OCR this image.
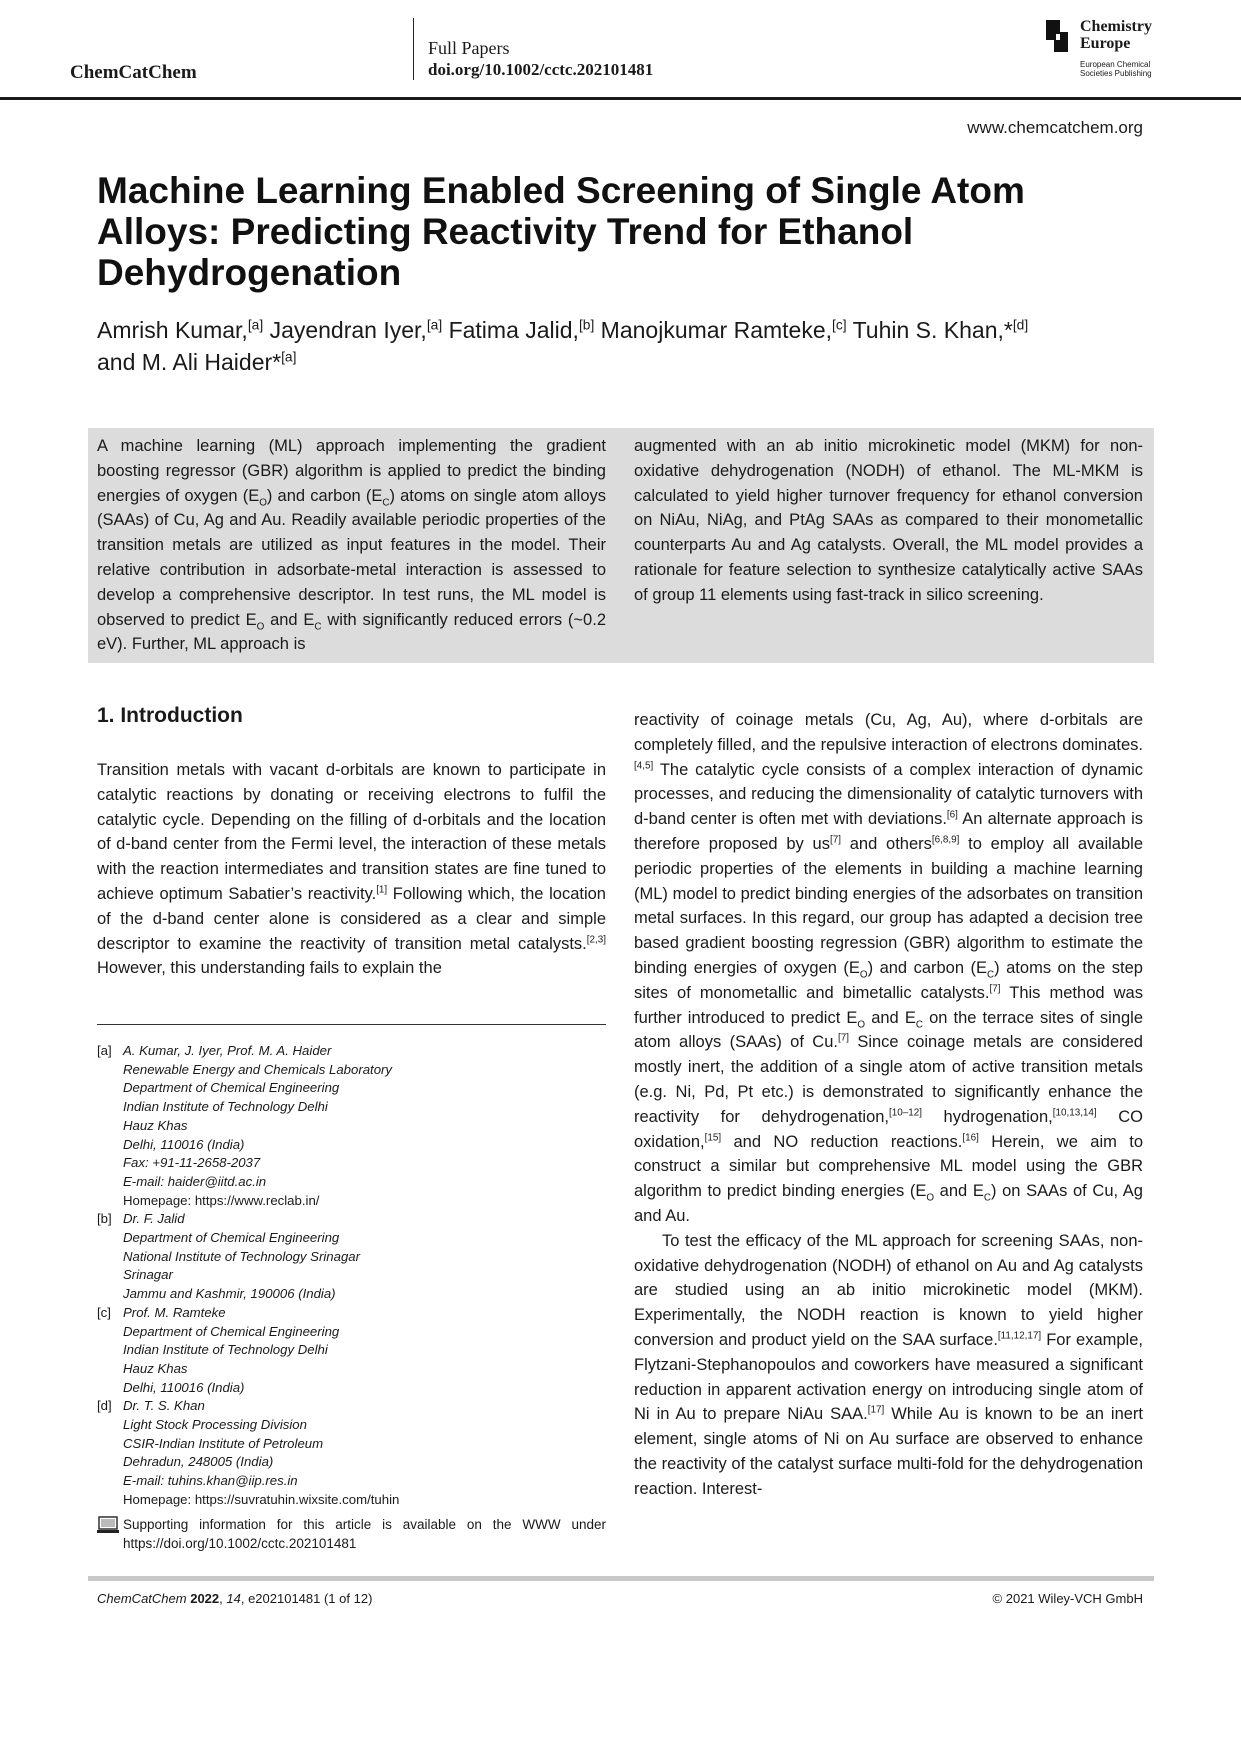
ChemCatChem
Full Papers
doi.org/10.1002/cctc.202101481
Chemistry
Europe
European Chemical
Societies Publishing
www.chemcatchem.org
Machine Learning Enabled Screening of Single Atom Alloys: Predicting Reactivity Trend for Ethanol Dehydrogenation
Amrish Kumar,[a] Jayendran Iyer,[a] Fatima Jalid,[b] Manojkumar Ramteke,[c] Tuhin S. Khan,*[d]
and M. Ali Haider*[a]
A machine learning (ML) approach implementing the gradient boosting regressor (GBR) algorithm is applied to predict the binding energies of oxygen $(E_O)$ and carbon $(E_C)$ atoms on single atom alloys (SAAs) of Cu, Ag and Au. Readily available periodic properties of the transition metals are utilized as input features in the model. Their relative contribution in adsorbate-metal interaction is assessed to develop a comprehensive descriptor. In test runs, the ML model is observed to predict $E_O$ and $E_C$ with significantly reduced errors (~0.2 eV). Further, ML approach is
augmented with an ab initio microkinetic model (MKM) for non-oxidative dehydrogenation (NODH) of ethanol. The ML-MKM is calculated to yield higher turnover frequency for ethanol conversion on NiAu, NiAg, and PtAg SAAs as compared to their monometallic counterparts Au and Ag catalysts. Overall, the ML model provides a rationale for feature selection to synthesize catalytically active SAAs of group 11 elements using fast-track in silico screening.
1. Introduction
Transition metals with vacant d-orbitals are known to participate in catalytic reactions by donating or receiving electrons to fulfil the catalytic cycle. Depending on the filling of d-orbitals and the location of d-band center from the Fermi level, the interaction of these metals with the reaction intermediates and transition states are fine tuned to achieve optimum Sabatier’s reactivity.[1] Following which, the location of the d-band center alone is considered as a clear and simple descriptor to examine the reactivity of transition metal catalysts.[2,3] However, this understanding fails to explain the

reactivity of coinage metals (Cu, Ag, Au), where d-orbitals are completely filled, and the repulsive interaction of electrons dominates.[4,5] The catalytic cycle consists of a complex interaction of dynamic processes, and reducing the dimensionality of catalytic turnovers with d-band center is often met with deviations.[6] An alternate approach is therefore proposed by us[7] and others[6,8,9] to employ all available periodic properties of the elements in building a machine learning (ML) model to predict binding energies of the adsorbates on transition metal surfaces. In this regard, our group has adapted a decision tree based gradient boosting regression (GBR) algorithm to estimate the binding energies of oxygen $(E_O)$ and carbon $(E_C)$ atoms on the step sites of monometallic and bimetallic catalysts.[7] This method was further introduced to predict $E_O$ and $E_C$ on the terrace sites of single atom alloys (SAAs) of Cu.[7] Since coinage metals are considered mostly inert, the addition of a single atom of active transition metals (e.g. Ni, Pd, Pt etc.) is demonstrated to significantly enhance the reactivity for dehydrogenation,[10–12] hydrogenation,[10,13,14] CO oxidation,[15] and NO reduction reactions.[16] Herein, we aim to construct a similar but comprehensive ML model using the GBR algorithm to predict binding energies ($E_O$ and $E_C$) on SAAs of Cu, Ag and Au.

To test the efficacy of the ML approach for screening SAAs, non-oxidative dehydrogenation (NODH) of ethanol on Au and Ag catalysts are studied using an ab initio microkinetic model (MKM). Experimentally, the NODH reaction is known to yield higher conversion and product yield on the SAA surface.[11,12,17] For example, Flytzani-Stephanopoulos and coworkers have measured a significant reduction in apparent activation energy on introducing single atom of Ni in Au to prepare NiAu SAA.[17] While Au is known to be an inert element, single atoms of Ni on Au surface are observed to enhance the reactivity of the catalyst surface multi-fold for the dehydrogenation reaction. Interest-

[a] A. Kumar, J. Iyer, Prof. M. A. Haider
Renewable Energy and Chemicals Laboratory
Department of Chemical Engineering
Indian Institute of Technology Delhi
Hauz Khas
Delhi, 110016 (India)
Fax: +91-11-2658-2037
E-mail: haider@iitd.ac.in
Homepage: https://www.reclab.in/
[b] Dr. F. Jalid
Department of Chemical Engineering
National Institute of Technology Srinagar
Srinagar
Jammu and Kashmir, 190006 (India)
[c] Prof. M. Ramteke
Department of Chemical Engineering
Indian Institute of Technology Delhi
Hauz Khas
Delhi, 110016 (India)
[d] Dr. T. S. Khan
Light Stock Processing Division
CSIR-Indian Institute of Petroleum
Dehradun, 248005 (India)
E-mail: tuhins.khan@iip.res.in
Homepage: https://suvratuhin.wixsite.com/tuhin
Supporting information for this article is available on the WWW under https://doi.org/10.1002/cctc.202101481
ChemCatChem 2022, 14, e202101481 (1 of 12)	© 2021 Wiley-VCH GmbH
